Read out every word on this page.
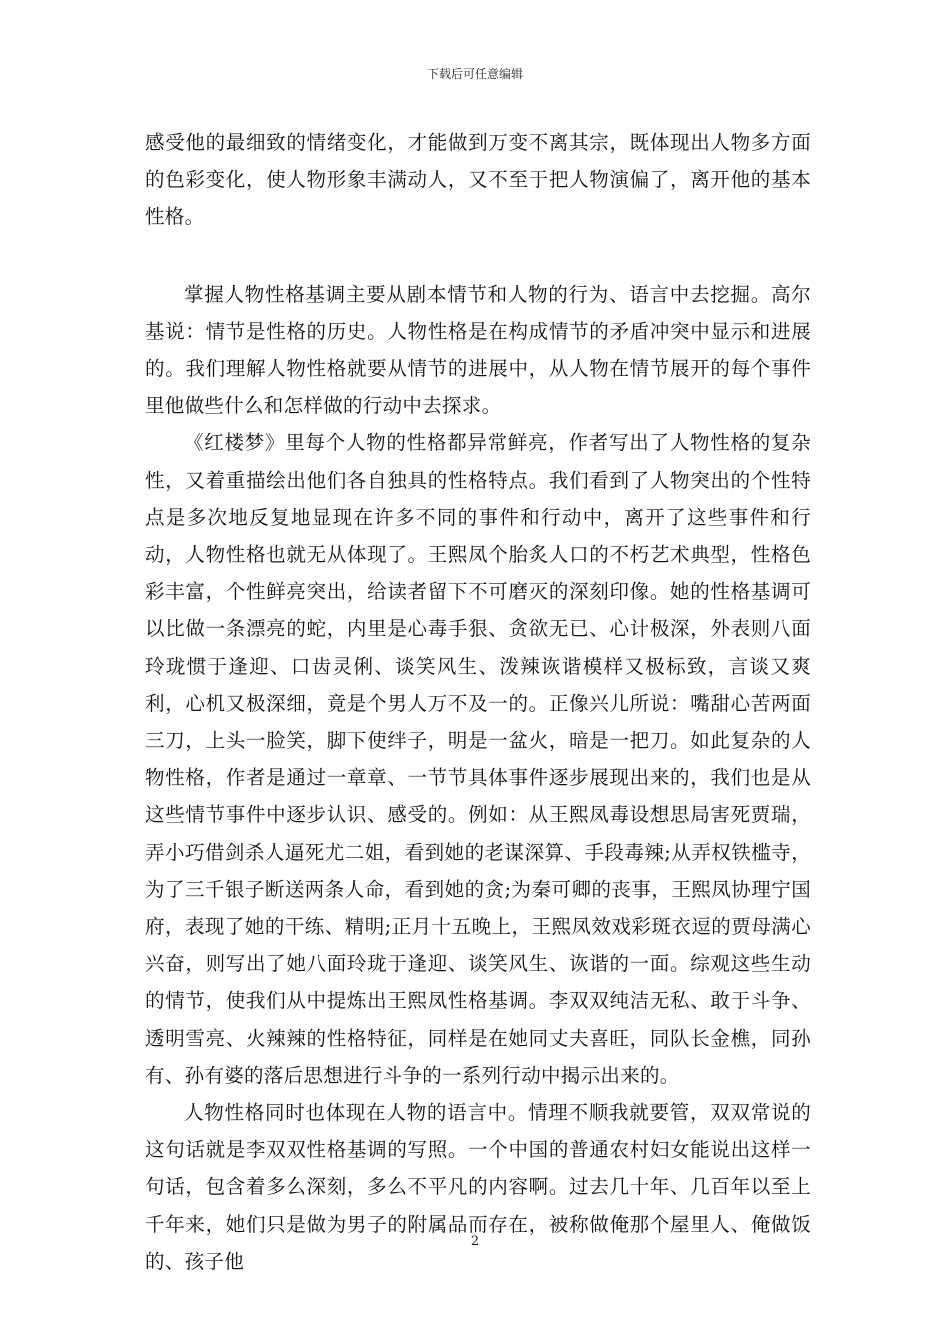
下载后可任意编辑

感受他的最细致的情绪变化，才能做到万变不离其宗，既体现出人物多方面的色彩变化，使人物形象丰满动人，又不至于把人物演偏了，离开他的基本性格。

掌握人物性格基调主要从剧本情节和人物的行为、语言中去挖掘。高尔基说：情节是性格的历史。人物性格是在构成情节的矛盾冲突中显示和进展的。我们理解人物性格就要从情节的进展中，从人物在情节展开的每个事件里他做些什么和怎样做的行动中去探求。

《红楼梦》里每个人物的性格都异常鲜亮，作者写出了人物性格的复杂性，又着重描绘出他们各自独具的性格特点。我们看到了人物突出的个性特点是多次地反复地显现在许多不同的事件和行动中，离开了这些事件和行动，人物性格也就无从体现了。王熙凤个胎炙人口的不朽艺术典型，性格色彩丰富，个性鲜亮突出，给读者留下不可磨灭的深刻印像。她的性格基调可以比做一条漂亮的蛇，内里是心毒手狠、贪欲无已、心计极深，外表则八面玲珑惯于逢迎、口齿灵俐、谈笑风生、泼辣诙谐模样又极标致，言谈又爽利，心机又极深细，竟是个男人万不及一的。正像兴儿所说：嘴甜心苦两面三刀，上头一脸笑，脚下使绊子，明是一盆火，暗是一把刀。如此复杂的人物性格，作者是通过一章章、一节节具体事件逐步展现出来的，我们也是从这些情节事件中逐步认识、感受的。例如：从王熙凤毒设想思局害死贾瑞，弄小巧借剑杀人逼死尤二姐，看到她的老谋深算、手段毒辣;从弄权铁槛寺，为了三千银子断送两条人命，看到她的贪;为秦可卿的丧事，王熙凤协理宁国府，表现了她的干练、精明;正月十五晚上，王熙凤效戏彩斑衣逗的贾母满心兴奋，则写出了她八面玲珑于逢迎、谈笑风生、诙谐的一面。综观这些生动的情节，使我们从中提炼出王熙凤性格基调。李双双纯洁无私、敢于斗争、透明雪亮、火辣辣的性格特征，同样是在她同丈夫喜旺，同队长金樵，同孙有、孙有婆的落后思想进行斗争的一系列行动中揭示出来的。

人物性格同时也体现在人物的语言中。情理不顺我就要管，双双常说的这句话就是李双双性格基调的写照。一个中国的普通农村妇女能说出这样一句话，包含着多么深刻，多么不平凡的内容啊。过去几十年、几百年以至上千年来，她们只是做为男子的附属品而存在，被称做俺那个屋里人、俺做饭的、孩子他

2
